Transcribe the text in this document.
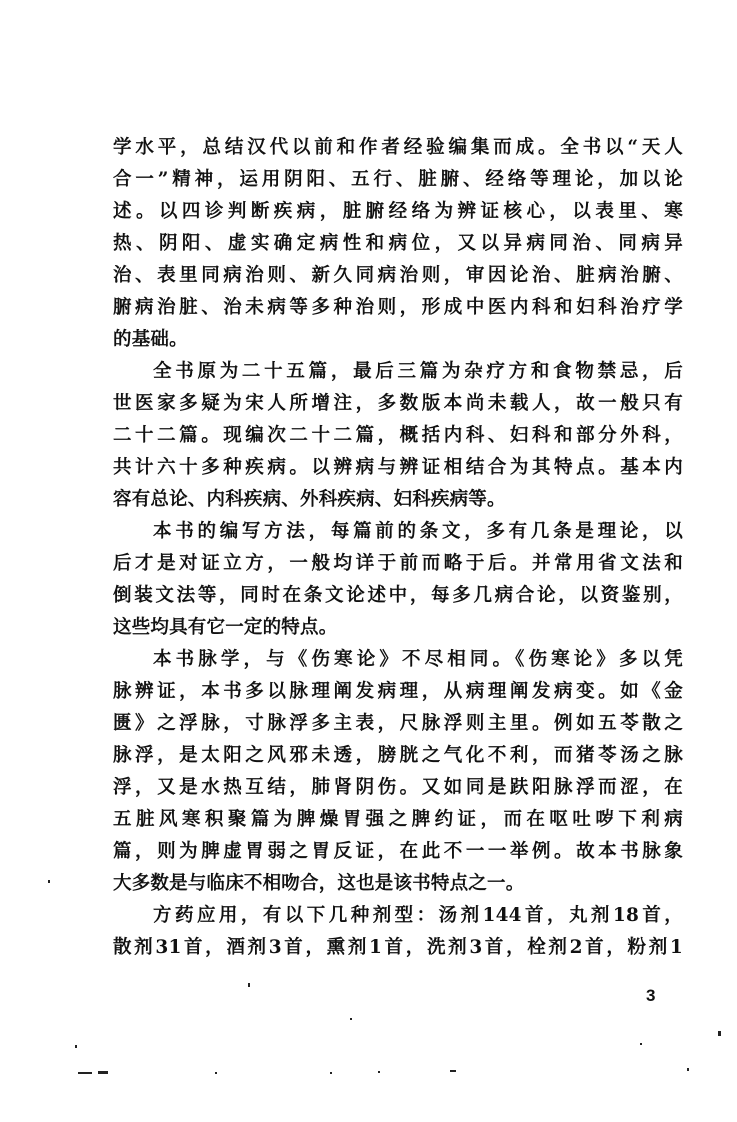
学水平，总结汉代以前和作者经验编集而成。全书以“天人
合一”精神，运用阴阳、五行、脏腑、经络等理论，加以论
述。以四诊判断疾病，脏腑经络为辨证核心，以表里、寒
热、阴阳、虚实确定病性和病位，又以异病同治、同病异
治、表里同病治则、新久同病治则，审因论治、脏病治腑、
腑病治脏、治未病等多种治则，形成中医内科和妇科治疗学
的基础。
全书原为二十五篇，最后三篇为杂疗方和食物禁忌，后
世医家多疑为宋人所增注，多数版本尚未载人，故一般只有
二十二篇。现编次二十二篇，概括内科、妇科和部分外科，
共计六十多种疾病。以辨病与辨证相结合为其特点。基本内
容有总论、内科疾病、外科疾病、妇科疾病等。
本书的编写方法，每篇前的条文，多有几条是理论，以
后才是对证立方，一般均详于前而略于后。并常用省文法和
倒装文法等，同时在条文论述中，每多几病合论，以资鉴别，
这些均具有它一定的特点。
本书脉学，与《伤寒论》不尽相同。《伤寒论》多以凭
脉辨证，本书多以脉理阐发病理，从病理阐发病变。如《金
匮》之浮脉，寸脉浮多主表，尺脉浮则主里。例如五苓散之
脉浮，是太阳之风邪未透，膀胱之气化不利，而猪苓汤之脉
浮，又是水热互结，肺肾阴伤。又如同是趺阳脉浮而涩，在
五脏风寒积聚篇为脾燥胃强之脾约证，而在呕吐哕下利病
篇，则为脾虚胃弱之胃反证，在此不一一举例。故本书脉象
大多数是与临床不相吻合，这也是该书特点之一。
方药应用，有以下几种剂型：汤剂144首，丸剂18首，
散剂31首，酒剂3首，熏剂1首，洗剂3首，栓剂2首，粉剂1
3
